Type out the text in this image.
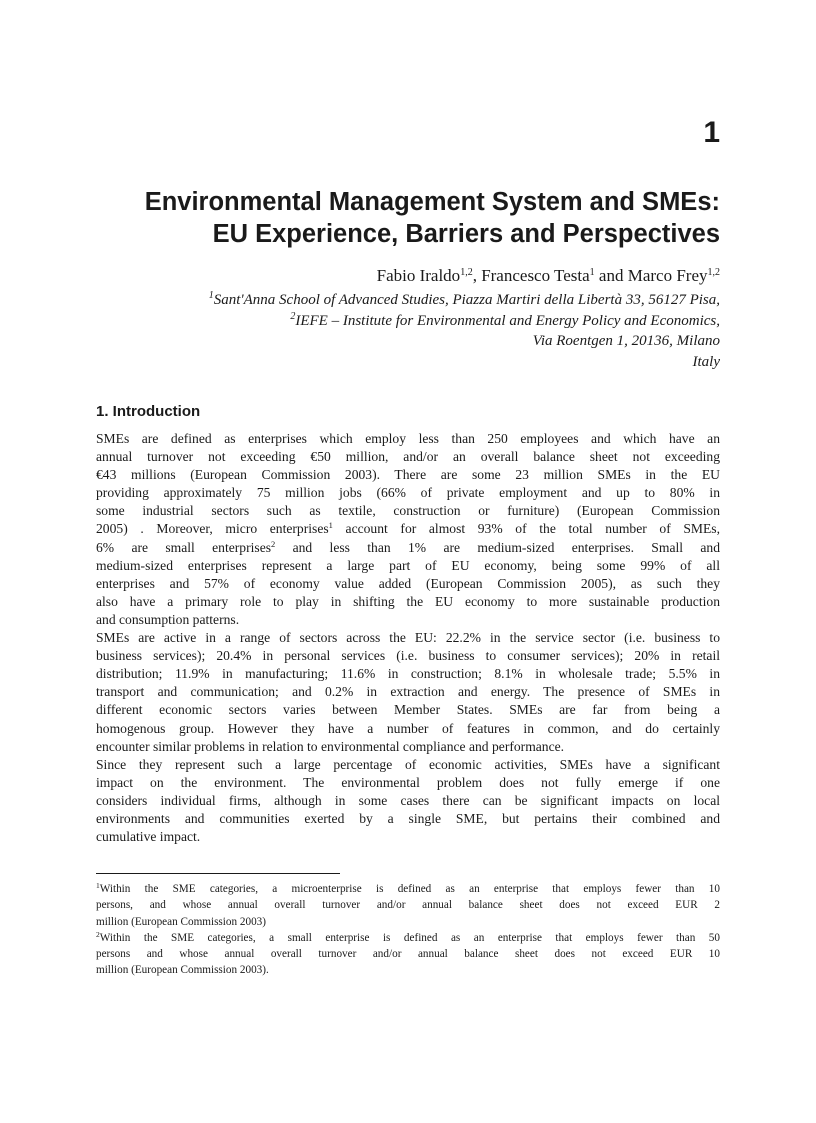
1
Environmental Management System and SMEs:
EU Experience, Barriers and Perspectives
Fabio Iraldo$^{1,2}$, Francesco Testa$^1$ and Marco Frey$^{1,2}$
$^1$Sant'Anna School of Advanced Studies, Piazza Martiri della Libertà 33, 56127 Pisa,
$^2$IEFE – Institute for Environmental and Energy Policy and Economics,
Via Roentgen 1, 20136, Milano
Italy
1. Introduction
SMEs are defined as enterprises which employ less than 250 employees and which have an
annual turnover not exceeding €50 million, and/or an overall balance sheet not exceeding
€43 millions (European Commission 2003). There are some 23 million SMEs in the EU
providing approximately 75 million jobs (66% of private employment and up to 80% in
some industrial sectors such as textile, construction or furniture) (European Commission
2005) . Moreover, micro enterprises$^1$ account for almost 93% of the total number of SMEs,
6% are small enterprises$^2$ and less than 1% are medium-sized enterprises. Small and
medium-sized enterprises represent a large part of EU economy, being some 99% of all
enterprises and 57% of economy value added (European Commission 2005), as such they
also have a primary role to play in shifting the EU economy to more sustainable production
and consumption patterns.
SMEs are active in a range of sectors across the EU: 22.2% in the service sector (i.e. business to
business services); 20.4% in personal services (i.e. business to consumer services); 20% in retail
distribution; 11.9% in manufacturing; 11.6% in construction; 8.1% in wholesale trade; 5.5% in
transport and communication; and 0.2% in extraction and energy. The presence of SMEs in
different economic sectors varies between Member States. SMEs are far from being a
homogenous group. However they have a number of features in common, and do certainly
encounter similar problems in relation to environmental compliance and performance.
Since they represent such a large percentage of economic activities, SMEs have a significant
impact on the environment. The environmental problem does not fully emerge if one
considers individual firms, although in some cases there can be significant impacts on local
environments and communities exerted by a single SME, but pertains their combined and
cumulative impact.
$^1$Within the SME categories, a microenterprise is defined as an enterprise that employs fewer than 10
persons, and whose annual overall turnover and/or annual balance sheet does not exceed EUR 2
million (European Commission 2003)
$^2$Within the SME categories, a small enterprise is defined as an enterprise that employs fewer than 50
persons and whose annual overall turnover and/or annual balance sheet does not exceed EUR 10
million (European Commission 2003).
